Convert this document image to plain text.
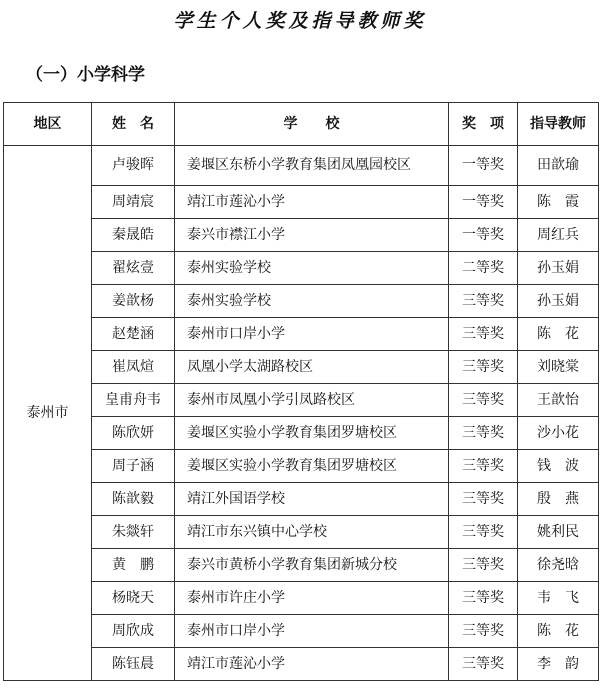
学生个人奖及指导教师奖
（一）小学科学
地区	姓　名	学　　校	奖　项	指导教师
泰州市	卢骏晖	姜堰区东桥小学教育集团凤凰园校区	一等奖	田歆瑜
	周靖宸	靖江市莲沁小学	一等奖	陈　霞
	秦晟皓	泰兴市襟江小学	一等奖	周红兵
	翟炫壹	泰州实验学校	二等奖	孙玉娟
	姜歆杨	泰州实验学校	三等奖	孙玉娟
	赵楚涵	泰州市口岸小学	三等奖	陈　花
	崔凤煊	凤凰小学太湖路校区	三等奖	刘晓棠
	皇甫舟韦	泰州市凤凰小学引凤路校区	三等奖	王歆怡
	陈欣妍	姜堰区实验小学教育集团罗塘校区	三等奖	沙小花
	周子涵	姜堰区实验小学教育集团罗塘校区	三等奖	钱　波
	陈歆毅	靖江外国语学校	三等奖	殷　燕
	朱燚轩	靖江市东兴镇中心学校	三等奖	姚利民
	黄　鹏	泰兴市黄桥小学教育集团新城分校	三等奖	徐尧晗
	杨晓天	泰州市许庄小学	三等奖	韦　飞
	周欣成	泰州市口岸小学	三等奖	陈　花
	陈钰晨	靖江市莲沁小学	三等奖	李　韵
